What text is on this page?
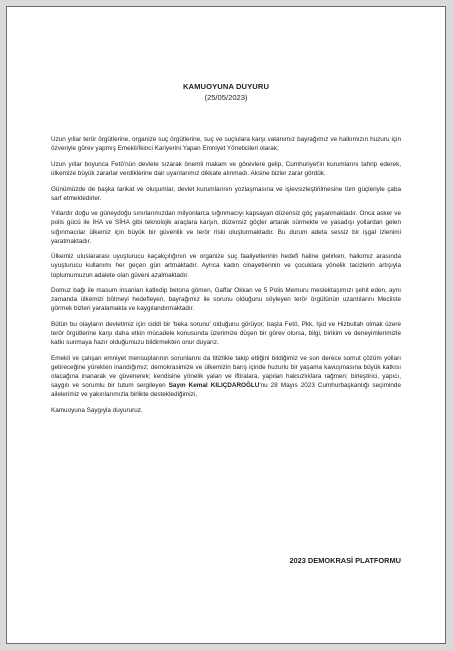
KAMUOYUNA DUYURU

(25/05/2023)

Uzun yıllar terör örgütlerine, organize suç örgütlerine, suç ve suçlulara karşı vatanımız bayrağımız ve halkımızın huzuru için özveriyle görev yapmış Emekli/İkinci Kariyerini Yapan Emniyet Yöneticileri olarak;

Uzun yıllar boyunca Fetö'nün devlete sızarak önemli makam ve görevlere gelip, Cumhuriyet'in kurumlarını tahrip ederek, ülkemize büyük zararlar verdiklerine dair uyarılarımız dikkate alınmadı. Aksine bizler zarar gördük.

Günümüzde de başka tarikat ve oluşumlar, devlet kurumlarının yozlaşmasına ve işlevsizleştirilmesine tüm güçleriyle çaba sarf etmektedirler.

Yıllardır doğu ve güneydoğu sınırlarımızdan milyonlarca sığınmacıyı kapsayan düzensiz göç yaşanmaktadır. Onca asker ve polis gücü ile İHA ve SİHA gibi teknolojik araçlara karşın, düzensiz göçler artarak sürmekte ve yasadışı yollardan gelen sığınmacılar ülkemiz için büyük bir güvenlik ve terör riski oluşturmaktadır. Bu durum adeta sessiz bir işgal izlenimi yaratmaktadır.

Ülkemiz uluslararası uyuşturucu kaçakçılığının ve organize suç faaliyetlerinin hedefi haline gelirken, halkımız arasında uyuşturucu kullanımı her geçen gün artmaktadır. Ayrıca kadın cinayetlerinin ve çocuklara yönelik tacizlerin artışıyla toplumumuzun adalete olan güveni azalmaktadır.

Domuz bağı ile masum insanları katledip betona gömen, Gaffar Okkan ve 5 Polis Memuru meslektaşımızı şehit eden, aynı zamanda ülkemizi bölmeyi hedefleyen, bayrağımız ile sorunu olduğunu söyleyen terör örgütünün uzantılarını Mecliste görmek bizleri yaralamakta ve kaygılandırmaktadır.

Bütün bu olayların devletimiz için ciddi bir 'beka sorunu' olduğunu görüyor; başta Fetö, Pkk, Işid ve Hizbullah olmak üzere terör örgütlerine karşı daha etkin mücadele konusunda üzerimize düşen bir görev olursa, bilgi, birikim ve deneyimlerimizle katkı sunmaya hazır olduğumuzu bildirmekten onur duyarız.

Emekli ve çalışan emniyet mensuplarının sorunlarını da titizlikle takip ettiğini bildiğimiz ve son derece somut çözüm yolları getireceğine yürekten inandığımız; demokrasimize ve ülkemizin barış içinde huzurlu bir yaşama kavuşmasına büyük katkısı olacağına inanarak ve güvenerek; kendisine yönelik yalan ve iftiralara, yapılan haksızlıklara rağmen; birleştirici, yapıcı, saygılı ve sorumlu bir tutum sergileyen Sayın Kemal KILIÇDAROĞLU'nu 28 Mayıs 2023 Cumhurbaşkanlığı seçiminde ailelerimiz ve yakınlarımızla birlikte desteklediğimizi,

Kamuoyuna Saygıyla duyururuz.

2023 DEMOKRASİ PLATFORMU
